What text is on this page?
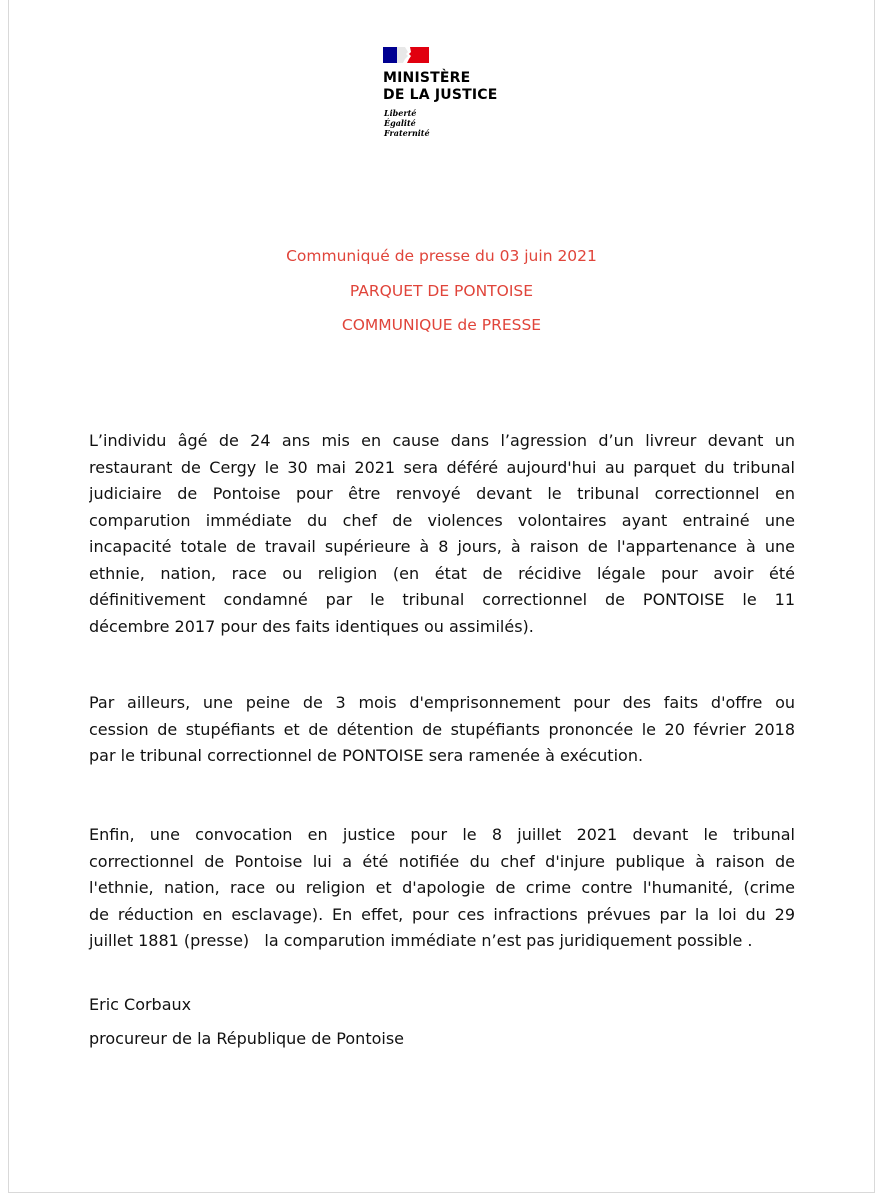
MINISTÈRE
DE LA JUSTICE
Liberté
Égalité
Fraternité
Communiqué de presse du 03 juin 2021
PARQUET DE PONTOISE
COMMUNIQUE de PRESSE
L’individu âgé de 24 ans mis en cause dans l’agression d’un livreur devant un
restaurant de Cergy le 30 mai 2021 sera déféré aujourd'hui au parquet du tribunal
judiciaire de Pontoise pour être renvoyé devant le tribunal correctionnel en
comparution immédiate du chef de violences volontaires ayant entrainé une
incapacité totale de travail supérieure à 8 jours, à raison de l'appartenance à une
ethnie, nation, race ou religion (en état de récidive légale pour avoir été
définitivement condamné par le tribunal correctionnel de PONTOISE le 11
décembre 2017 pour des faits identiques ou assimilés).
Par ailleurs, une peine de 3 mois d'emprisonnement pour des faits d'offre ou
cession de stupéfiants et de détention de stupéfiants prononcée le 20 février 2018
par le tribunal correctionnel de PONTOISE sera ramenée à exécution.
Enfin, une convocation en justice pour le 8 juillet 2021 devant le tribunal
correctionnel de Pontoise lui a été notifiée du chef d'injure publique à raison de
l'ethnie, nation, race ou religion et d'apologie de crime contre l'humanité, (crime
de réduction en esclavage). En effet, pour ces infractions prévues par la loi du 29
juillet 1881 (presse)   la comparution immédiate n’est pas juridiquement possible .
Eric Corbaux
procureur de la République de Pontoise
